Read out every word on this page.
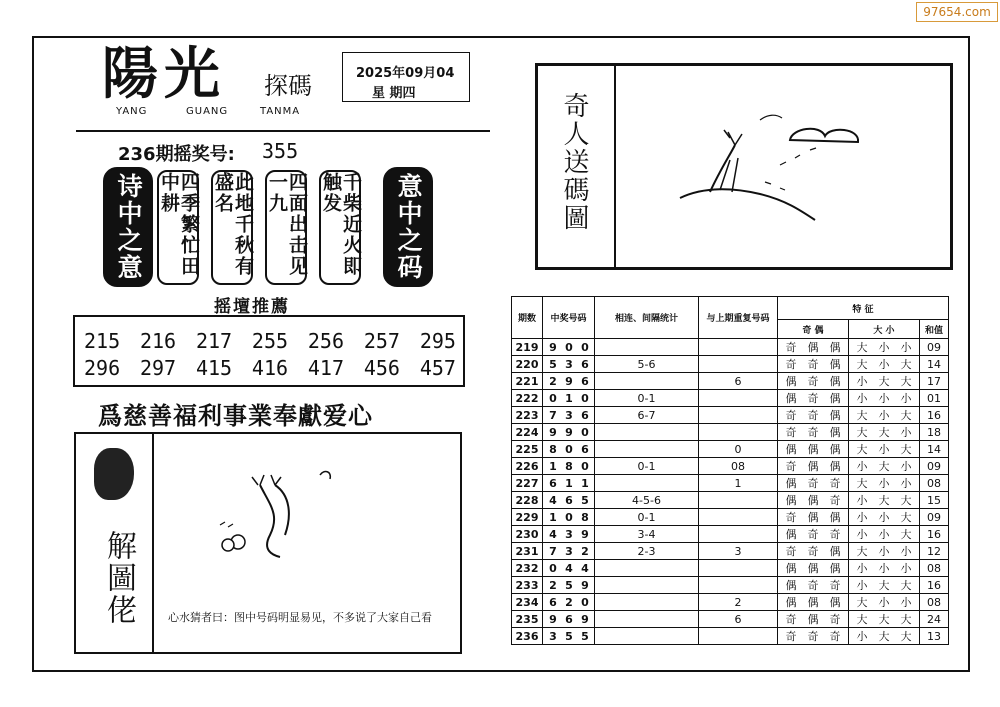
97654.com
陽光 探碼
YANG	GUANG	TANMA
2025年09月04
星 期四
236期摇奖号: 355
诗中之意	四季繁忙田中耕	此地千秋有盛名	四面出击见一九	千柴近火即触发	意中之码
摇壇推薦
215 216 217 255 256 257 295
296 297 415 416 417 456 457
爲慈善福利事業奉獻爱心
奇人送碼圖
解圖佬	心水猜者曰：图中号码明显易见，不多说了大家自己看
期数	中奖号码	相连、间隔统计	与上期重复号码	特 征		
				奇 偶	大 小	和值
219	9 0 0			奇 偶 偶	大 小 小	09
220	5 3 6	5-6		奇 奇 偶	大 小 大	14
221	2 9 6		6	偶 奇 偶	小 大 大	17
222	0 1 0	0-1		偶 奇 偶	小 小 小	01
223	7 3 6	6-7		奇 奇 偶	大 小 大	16
224	9 9 0			奇 奇 偶	大 大 小	18
225	8 0 6		0	偶 偶 偶	大 小 大	14
226	1 8 0	0-1	08	奇 偶 偶	小 大 小	09
227	6 1 1		1	偶 奇 奇	大 小 小	08
228	4 6 5	4-5-6		偶 偶 奇	小 大 大	15
229	1 0 8	0-1		奇 偶 偶	小 小 大	09
230	4 3 9	3-4		偶 奇 奇	小 小 大	16
231	7 3 2	2-3	3	奇 奇 偶	大 小 小	12
232	0 4 4			偶 偶 偶	小 小 小	08
233	2 5 9			偶 奇 奇	小 大 大	16
234	6 2 0		2	偶 偶 偶	大 小 小	08
235	9 6 9		6	奇 偶 奇	大 大 大	24
236	3 5 5			奇 奇 奇	小 大 大	13
